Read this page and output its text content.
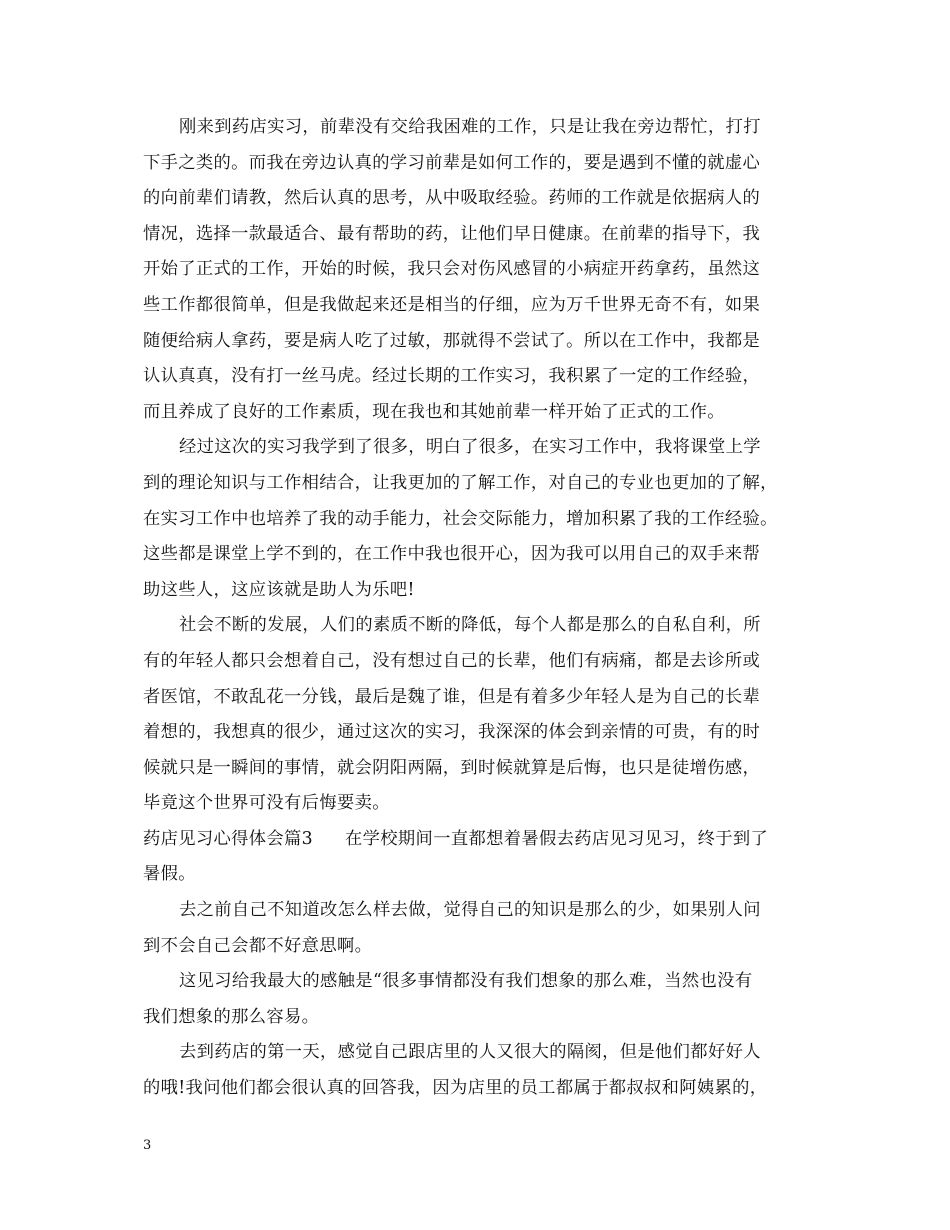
刚来到药店实习，前辈没有交给我困难的工作，只是让我在旁边帮忙，打打
下手之类的。而我在旁边认真的学习前辈是如何工作的，要是遇到不懂的就虚心
的向前辈们请教，然后认真的思考，从中吸取经验。药师的工作就是依据病人的
情况，选择一款最适合、最有帮助的药，让他们早日健康。在前辈的指导下，我
开始了正式的工作，开始的时候，我只会对伤风感冒的小病症开药拿药，虽然这
些工作都很简单，但是我做起来还是相当的仔细，应为万千世界无奇不有，如果
随便给病人拿药，要是病人吃了过敏，那就得不尝试了。所以在工作中，我都是
认认真真，没有打一丝马虎。经过长期的工作实习，我积累了一定的工作经验，
而且养成了良好的工作素质，现在我也和其她前辈一样开始了正式的工作。
经过这次的实习我学到了很多，明白了很多，在实习工作中，我将课堂上学
到的理论知识与工作相结合，让我更加的了解工作，对自己的专业也更加的了解，
在实习工作中也培养了我的动手能力，社会交际能力，增加积累了我的工作经验。
这些都是课堂上学不到的，在工作中我也很开心，因为我可以用自己的双手来帮
助这些人，这应该就是助人为乐吧!
社会不断的发展，人们的素质不断的降低，每个人都是那么的自私自利，所
有的年轻人都只会想着自己，没有想过自己的长辈，他们有病痛，都是去诊所或
者医馆，不敢乱花一分钱，最后是魏了谁，但是有着多少年轻人是为自己的长辈
着想的，我想真的很少，通过这次的实习，我深深的体会到亲情的可贵，有的时
候就只是一瞬间的事情，就会阴阳两隔，到时候就算是后悔，也只是徒增伤感，
毕竟这个世界可没有后悔要卖。
药店见习心得体会篇3 在学校期间一直都想着暑假去药店见习见习，终于到了
暑假。
去之前自己不知道改怎么样去做，觉得自己的知识是那么的少，如果别人问
到不会自己会都不好意思啊。
这见习给我最大的感触是“很多事情都没有我们想象的那么难，当然也没有
我们想象的那么容易。
去到药店的第一天，感觉自己跟店里的人又很大的隔阂，但是他们都好好人
的哦!我问他们都会很认真的回答我，因为店里的员工都属于都叔叔和阿姨累的，
3
